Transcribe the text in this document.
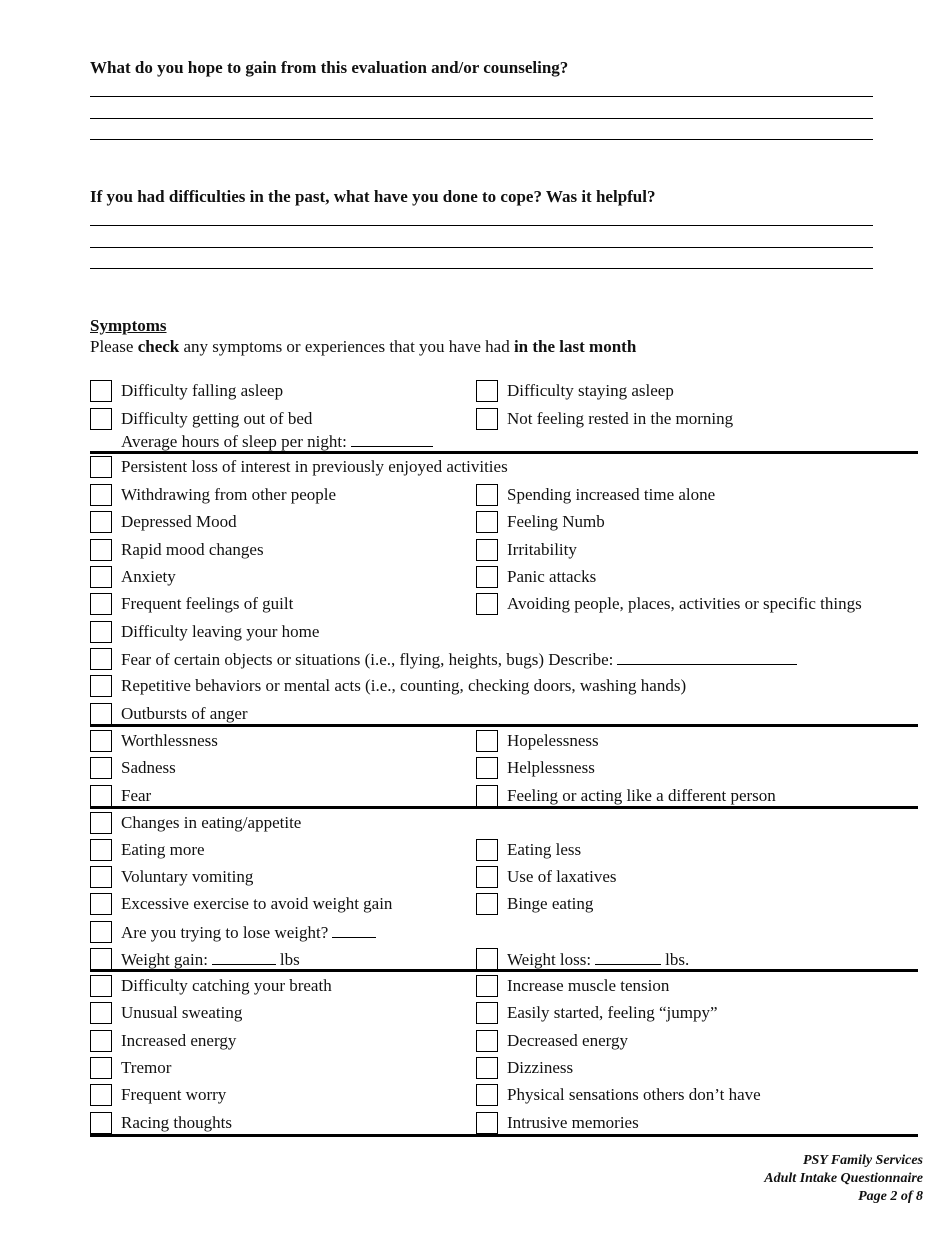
What do you hope to gain from this evaluation and/or counseling?
If you had difficulties in the past, what have you done to cope? Was it helpful?
Symptoms
Please check any symptoms or experiences that you have had in the last month
Difficulty falling asleep	Difficulty staying asleep
Difficulty getting out of bed	Not feeling rested in the morning
Average hours of sleep per night:
Persistent loss of interest in previously enjoyed activities
Withdrawing from other people	Spending increased time alone
Depressed Mood	Feeling Numb
Rapid mood changes	Irritability
Anxiety	Panic attacks
Frequent feelings of guilt	Avoiding people, places, activities or specific things
Difficulty leaving your home
Fear of certain objects or situations (i.e., flying, heights, bugs) Describe:
Repetitive behaviors or mental acts (i.e., counting, checking doors, washing hands)
Outbursts of anger
Worthlessness	Hopelessness
Sadness	Helplessness
Fear	Feeling or acting like a different person
Changes in eating/appetite
Eating more	Eating less
Voluntary vomiting	Use of laxatives
Excessive exercise to avoid weight gain	Binge eating
Are you trying to lose weight?
Weight gain:	lbs	Weight loss:	lbs.
Difficulty catching your breath	Increase muscle tension
Unusual sweating	Easily started, feeling “jumpy”
Increased energy	Decreased energy
Tremor	Dizziness
Frequent worry	Physical sensations others don’t have
Racing thoughts	Intrusive memories
PSY Family Services
Adult Intake Questionnaire
Page 2 of 8
